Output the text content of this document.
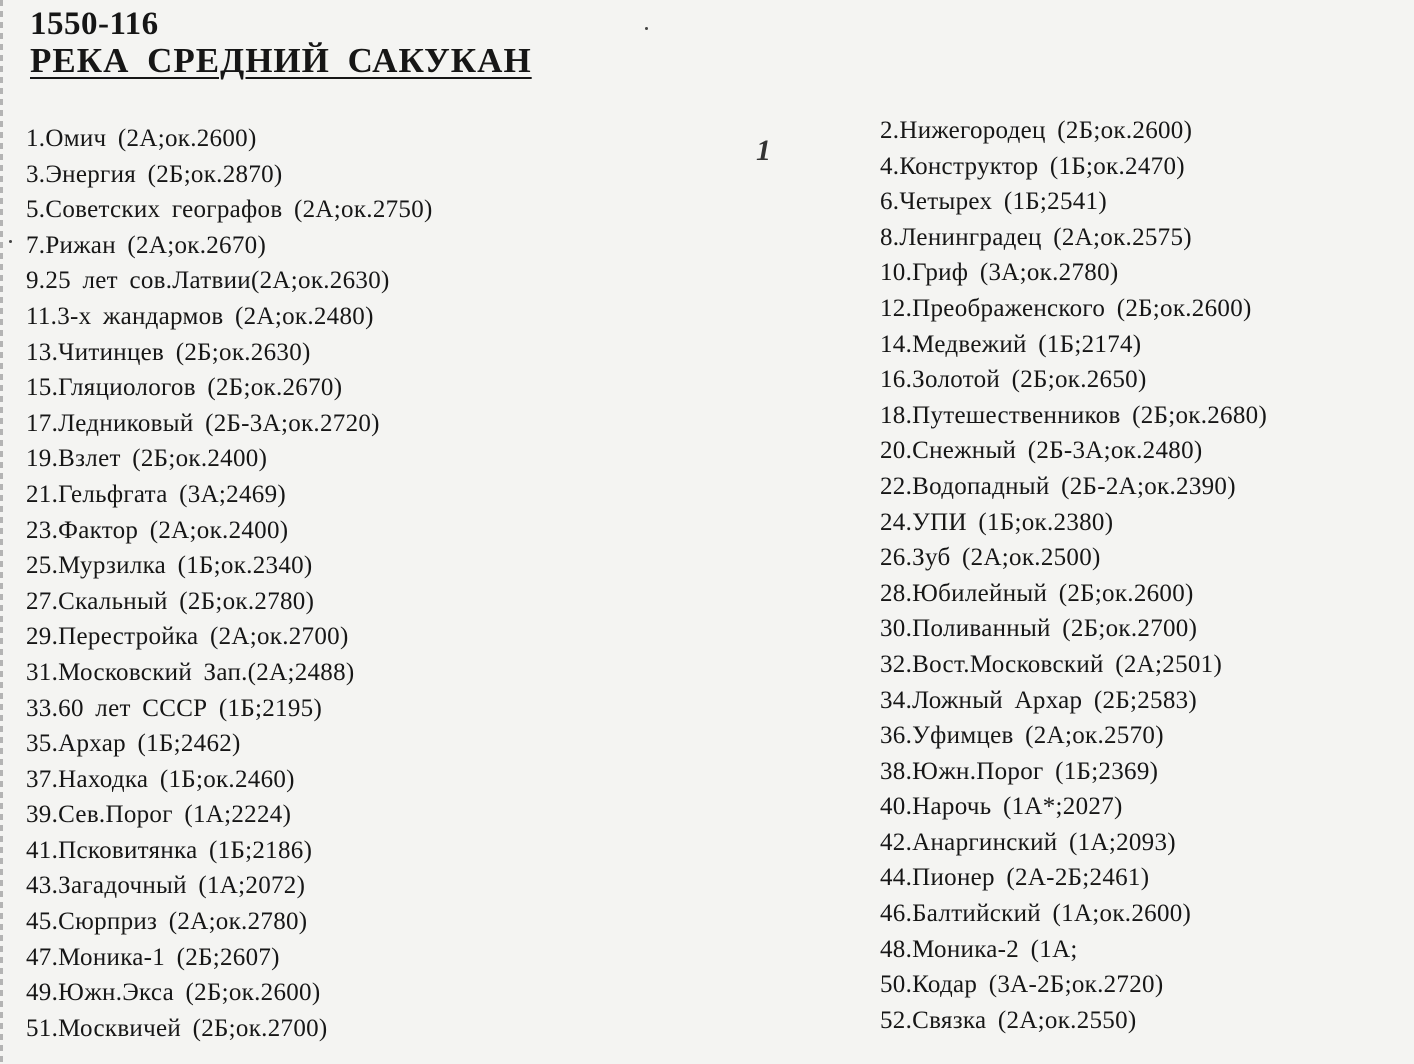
1550-116
РЕКА СРЕДНИЙ САКУКАН
1
1.Омич (2А;ок.2600)
3.Энергия (2Б;ок.2870)
5.Советских географов (2А;ок.2750)
7.Рижан (2А;ок.2670)
9.25 лет сов.Латвии(2А;ок.2630)
11.3-х жандармов (2А;ок.2480)
13.Читинцев (2Б;ок.2630)
15.Гляциологов (2Б;ок.2670)
17.Ледниковый (2Б-3А;ок.2720)
19.Взлет (2Б;ок.2400)
21.Гельфгата (3А;2469)
23.Фактор (2А;ок.2400)
25.Мурзилка (1Б;ок.2340)
27.Скальный (2Б;ок.2780)
29.Перестройка (2А;ок.2700)
31.Московский Зап.(2А;2488)
33.60 лет СССР (1Б;2195)
35.Архар (1Б;2462)
37.Находка (1Б;ок.2460)
39.Сев.Порог (1А;2224)
41.Псковитянка (1Б;2186)
43.Загадочный (1А;2072)
45.Сюрприз (2А;ок.2780)
47.Моника-1 (2Б;2607)
49.Южн.Экса (2Б;ок.2600)
51.Москвичей (2Б;ок.2700)
2.Нижегородец (2Б;ок.2600)
4.Конструктор (1Б;ок.2470)
6.Четырех (1Б;2541)
8.Ленинградец (2А;ок.2575)
10.Гриф (3А;ок.2780)
12.Преображенского (2Б;ок.2600)
14.Медвежий (1Б;2174)
16.Золотой (2Б;ок.2650)
18.Путешественников (2Б;ок.2680)
20.Снежный (2Б-3А;ок.2480)
22.Водопадный (2Б-2А;ок.2390)
24.УПИ (1Б;ок.2380)
26.Зуб (2А;ок.2500)
28.Юбилейный (2Б;ок.2600)
30.Поливанный (2Б;ок.2700)
32.Вост.Московский (2А;2501)
34.Ложный Архар (2Б;2583)
36.Уфимцев (2А;ок.2570)
38.Южн.Порог (1Б;2369)
40.Нарочь (1А*;2027)
42.Анаргинский (1А;2093)
44.Пионер (2А-2Б;2461)
46.Балтийский (1А;ок.2600)
48.Моника-2 (1А;
50.Кодар (3А-2Б;ок.2720)
52.Связка (2А;ок.2550)
